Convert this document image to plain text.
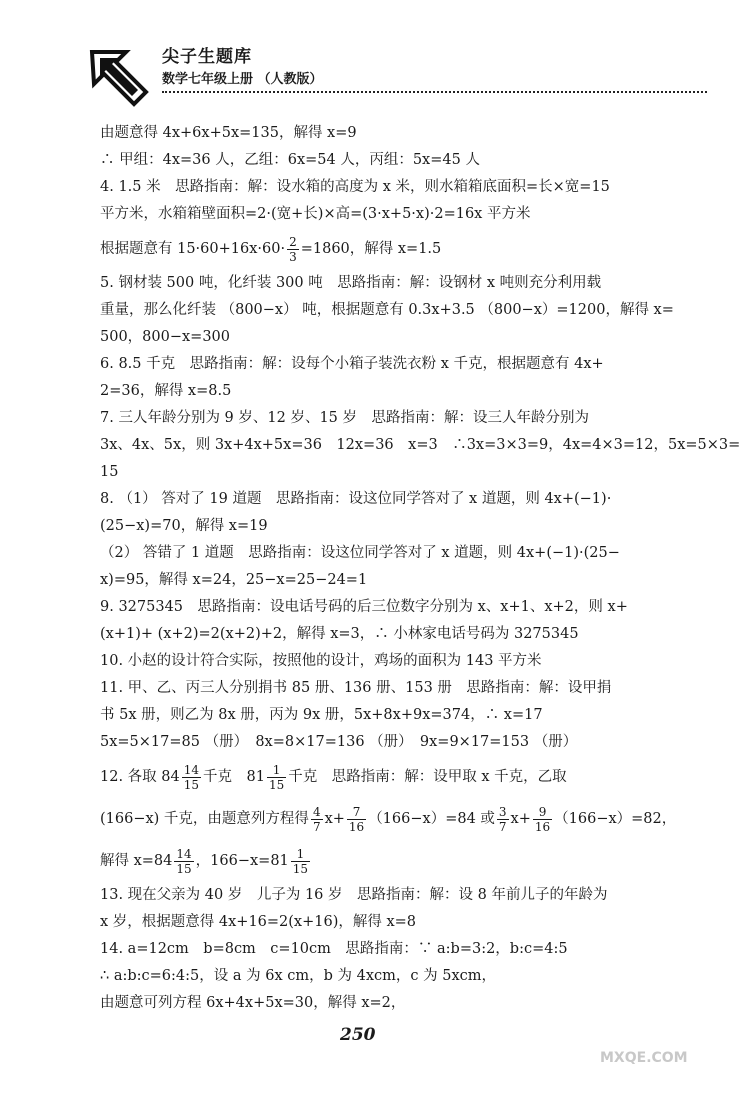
尖子生题库
数学七年级上册 （人教版）
由题意得 4x+6x+5x=135，解得 x=9
∴ 甲组：4x=36 人，乙组：6x=54 人，丙组：5x=45 人
4. 1.5 米　思路指南：解：设水箱的高度为 x 米，则水箱箱底面积=长×宽=15
平方米，水箱箱壁面积=2·(宽+长)×高=(3·x+5·x)·2=16x 平方米
根据题意有 $15\cdot 60+16x\cdot 60\cdot \frac{2}{3} =1860$，解得 x=1.5
5. 钢材装 500 吨，化纤装 300 吨　思路指南：解：设钢材 x 吨则充分利用载
重量，那么化纤装 （800−x） 吨，根据题意有 0.3x+3.5 （800−x）=1200，解得 x=
500，800−x=300
6. 8.5 千克　思路指南：解：设每个小箱子装洗衣粉 x 千克，根据题意有 4x+
2=36，解得 x=8.5
7. 三人年龄分别为 9 岁、12 岁、15 岁　思路指南：解：设三人年龄分别为
3x、4x、5x，则 3x+4x+5x=36　12x=36　x=3　∴3x=3×3=9，4x=4×3=12，5x=5×3=
15
8. （1） 答对了 19 道题　思路指南：设这位同学答对了 x 道题，则 4x+(−1)·
(25−x)=70，解得 x=19
（2） 答错了 1 道题　思路指南：设这位同学答对了 x 道题，则 4x+(−1)·(25−
x)=95，解得 x=24，25−x=25−24=1
9. 3275345　思路指南：设电话号码的后三位数字分别为 x、x+1、x+2，则 x+
(x+1)+ (x+2)=2(x+2)+2，解得 x=3，∴ 小林家电话号码为 3275345
10. 小赵的设计符合实际，按照他的设计，鸡场的面积为 143 平方米
11. 甲、乙、丙三人分别捐书 85 册、136 册、153 册　思路指南：解：设甲捐
书 5x 册，则乙为 8x 册，丙为 9x 册，5x+8x+9x=374，∴ x=17
5x=5×17=85 （册）　8x=8×17=136 （册）　9x=9×17=153 （册）
12. 各取 $84 \frac{14}{15}$ 千克　$81 \frac{1}{15}$ 千克　思路指南：解：设甲取 x 千克，乙取
(166−x) 千克，由题意列方程得 $\frac{4}{7} x+ \frac{7}{16} (166-x)=84$ 或 $\frac{3}{7} x+ \frac{9}{16} (166-x)=82$，
解得 $x=84 \frac{14}{15}$ ，$166-x=81 \frac{1}{15}$
13. 现在父亲为 40 岁　儿子为 16 岁　思路指南：解：设 8 年前儿子的年龄为
x 岁，根据题意得 4x+16=2(x+16)，解得 x=8
14. a=12cm　b=8cm　c=10cm　思路指南：∵ a:b=3:2，b:c=4:5
∴ a:b:c=6:4:5，设 a 为 6x cm，b 为 4xcm，c 为 5xcm，
由题意可列方程 6x+4x+5x=30，解得 x=2，
250
MXQE.COM
